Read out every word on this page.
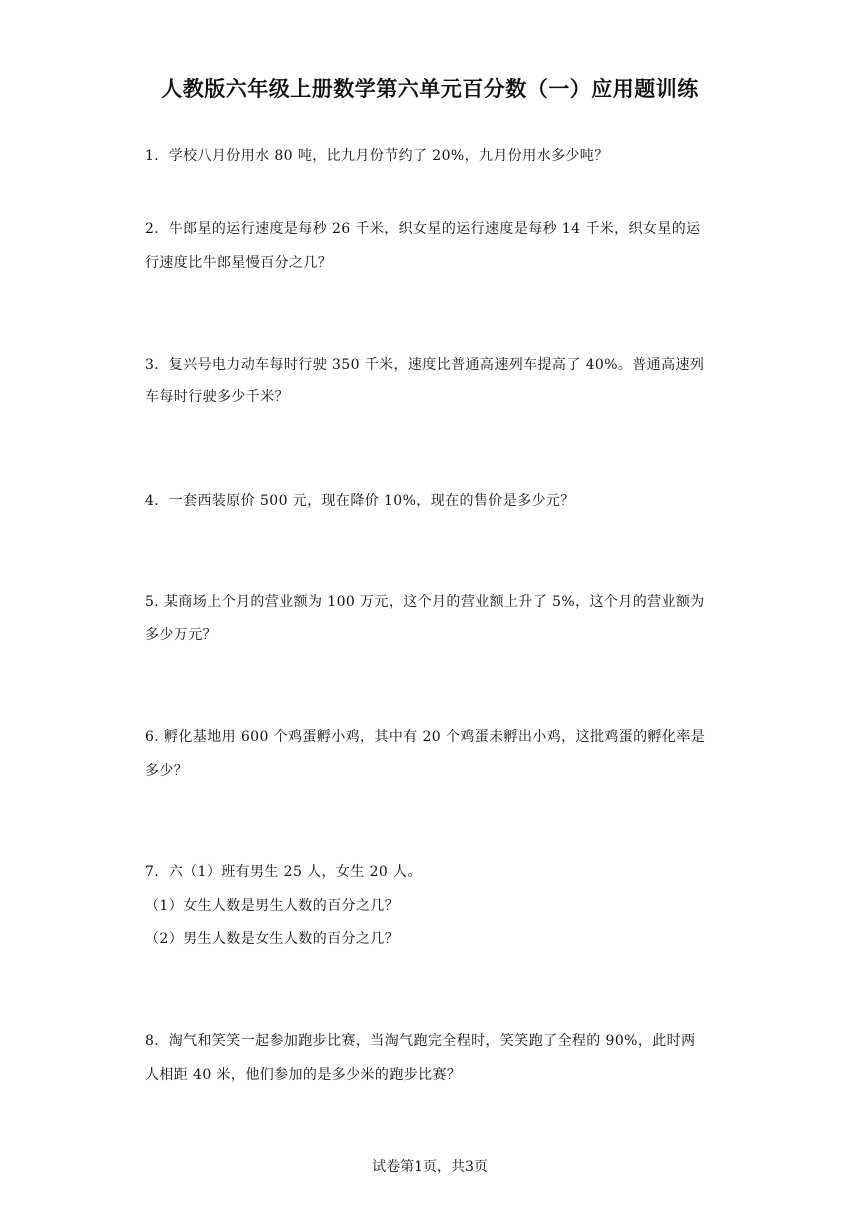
人教版六年级上册数学第六单元百分数（一）应用题训练
1．学校八月份用水 80 吨，比九月份节约了 20%，九月份用水多少吨？
2．牛郎星的运行速度是每秒 26 千米，织女星的运行速度是每秒 14 千米，织女星的运
行速度比牛郎星慢百分之几？
3．复兴号电力动车每时行驶 350 千米，速度比普通高速列车提高了 40%。普通高速列
车每时行驶多少千米？
4．一套西装原价 500 元，现在降价 10%，现在的售价是多少元？
5. 某商场上个月的营业额为 100 万元，这个月的营业额上升了 5%，这个月的营业额为
多少万元？
6. 孵化基地用 600 个鸡蛋孵小鸡，其中有 20 个鸡蛋未孵出小鸡，这批鸡蛋的孵化率是
多少？
7．六（1）班有男生 25 人，女生 20 人。
（1）女生人数是男生人数的百分之几？
（2）男生人数是女生人数的百分之几？
8．淘气和笑笑一起参加跑步比赛，当淘气跑完全程时，笑笑跑了全程的 90%，此时两
人相距 40 米，他们参加的是多少米的跑步比赛？
试卷第1页，共3页
